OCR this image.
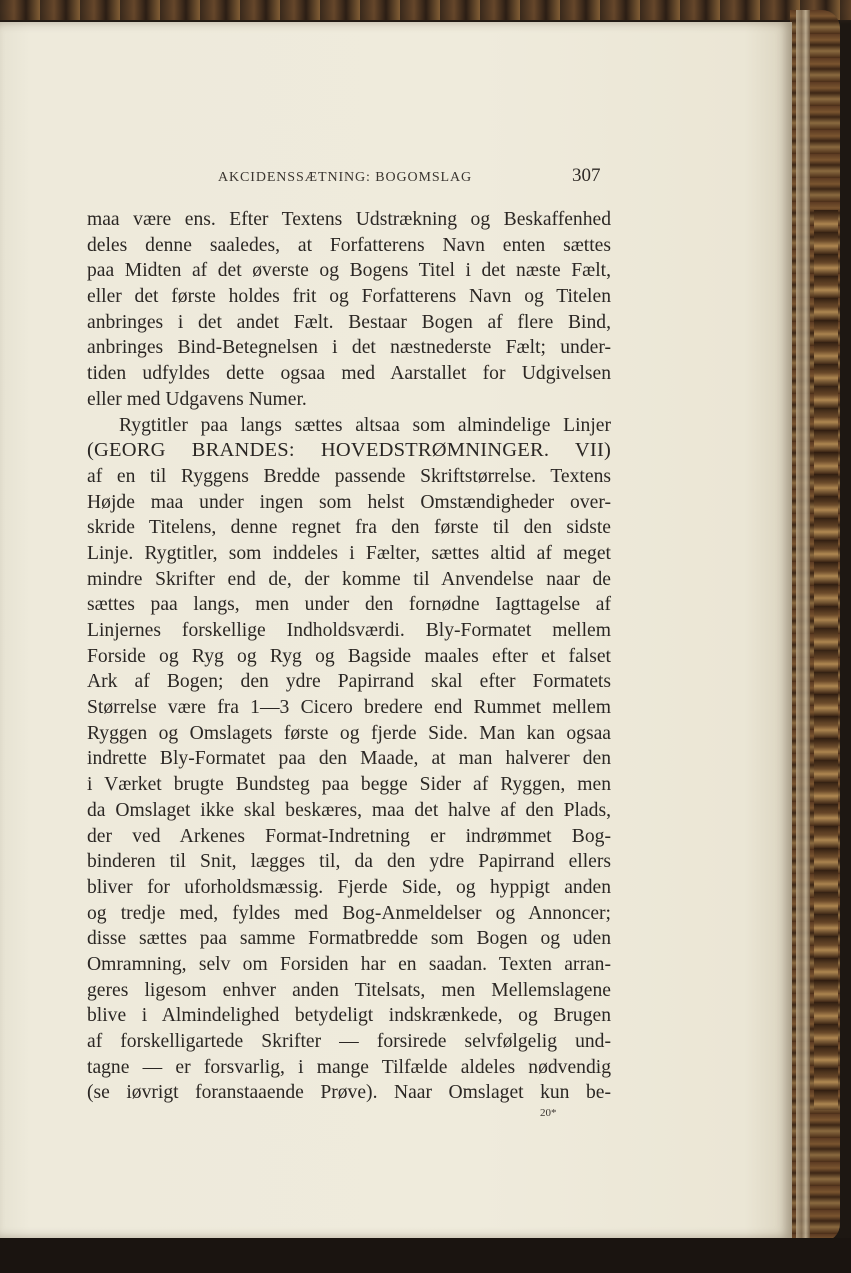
AKCIDENSSÆTNING: BOGOMSLAG	307
maa være ens. Efter Textens Udstrækning og Beskaffenhed
deles denne saaledes, at Forfatterens Navn enten sættes
paa Midten af det øverste og Bogens Titel i det næste Fælt,
eller det første holdes frit og Forfatterens Navn og Titelen
anbringes i det andet Fælt. Bestaar Bogen af flere Bind,
anbringes Bind-Betegnelsen i det næstnederste Fælt; under-
tiden udfyldes dette ogsaa med Aarstallet for Udgivelsen
eller med Udgavens Numer.
Rygtitler paa langs sættes altsaa som almindelige Linjer
(GEORG BRANDES: HOVEDSTRØMNINGER. VII)
af en til Ryggens Bredde passende Skriftstørrelse. Textens
Højde maa under ingen som helst Omstændigheder over-
skride Titelens, denne regnet fra den første til den sidste
Linje. Rygtitler, som inddeles i Fælter, sættes altid af meget
mindre Skrifter end de, der komme til Anvendelse naar de
sættes paa langs, men under den fornødne Iagttagelse af
Linjernes forskellige Indholdsværdi. Bly-Formatet mellem
Forside og Ryg og Ryg og Bagside maales efter et falset
Ark af Bogen; den ydre Papirrand skal efter Formatets
Størrelse være fra 1—3 Cicero bredere end Rummet mellem
Ryggen og Omslagets første og fjerde Side. Man kan ogsaa
indrette Bly-Formatet paa den Maade, at man halverer den
i Værket brugte Bundsteg paa begge Sider af Ryggen, men
da Omslaget ikke skal beskæres, maa det halve af den Plads,
der ved Arkenes Format-Indretning er indrømmet Bog-
binderen til Snit, lægges til, da den ydre Papirrand ellers
bliver for uforholdsmæssig. Fjerde Side, og hyppigt anden
og tredje med, fyldes med Bog-Anmeldelser og Annoncer;
disse sættes paa samme Formatbredde som Bogen og uden
Omramning, selv om Forsiden har en saadan. Texten arran-
geres ligesom enhver anden Titelsats, men Mellemslagene
blive i Almindelighed betydeligt indskrænkede, og Brugen
af forskelligartede Skrifter — forsirede selvfølgelig und-
tagne — er forsvarlig, i mange Tilfælde aldeles nødvendig
(se iøvrigt foranstaaende Prøve). Naar Omslaget kun be-
20*
